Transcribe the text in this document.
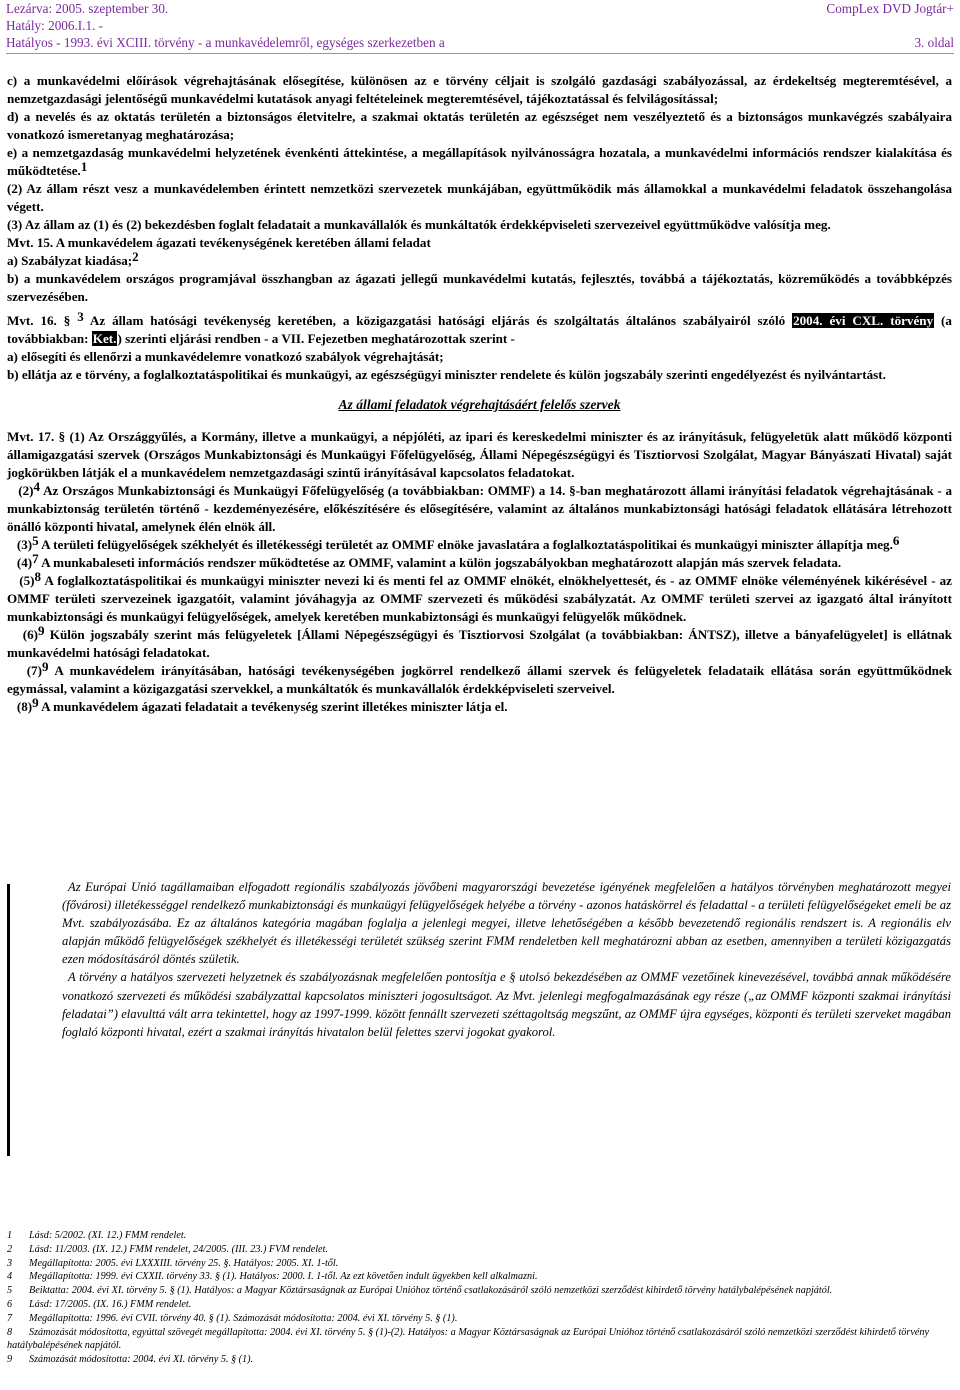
Lezárva: 2005. szeptember 30.	CompLex DVD Jogtár+
Hatály: 2006.I.1. -
Hatályos - 1993. évi XCIII. törvény - a munkavédelemről, egységes szerkezetben a	3. oldal

c) a munkavédelmi előírások végrehajtásának elősegítése, különösen az e törvény céljait is szolgáló gazdasági szabályozással, az érdekeltség megteremtésével, a nemzetgazdasági jelentőségű munkavédelmi kutatások anyagi feltételeinek megteremtésével, tájékoztatással és felvilágosítással;

d) a nevelés és az oktatás területén a biztonságos életvitelre, a szakmai oktatás területén az egészséget nem veszélyeztető és a biztonságos munkavégzés szabályaira vonatkozó ismeretanyag meghatározása;

e) a nemzetgazdaság munkavédelmi helyzetének évenkénti áttekintése, a megállapítások nyilvánosságra hozatala, a munkavédelmi információs rendszer kialakítása és működtetése.$^1$

(2) Az állam részt vesz a munkavédelemben érintett nemzetközi szervezetek munkájában, együttműködik más államokkal a munkavédelmi feladatok összehangolása végett.

(3) Az állam az (1) és (2) bekezdésben foglalt feladatait a munkavállalók és munkáltatók érdekképviseleti szervezeivel együttműködve valósítja meg.

Mvt. 15. A munkavédelem ágazati tevékenységének keretében állami feladat

a) Szabályzat kiadása;$^2$

b) a munkavédelem országos programjával összhangban az ágazati jellegű munkavédelmi kutatás, fejlesztés, továbbá a tájékoztatás, közreműködés a továbbképzés szervezésében.

Mvt. 16. § $^3$ Az állam hatósági tevékenység keretében, a közigazgatási hatósági eljárás és szolgáltatás általános szabályairól szóló 2004. évi CXL. törvény (a továbbiakban: Ket.) szerinti eljárási rendben - a VII. Fejezetben meghatározottak szerint -

a) elősegíti és ellenőrzi a munkavédelemre vonatkozó szabályok végrehajtását;

b) ellátja az e törvény, a foglalkoztatáspolitikai és munkaügyi, az egészségügyi miniszter rendelete és külön jogszabály szerinti engedélyezést és nyilvántartást.

Az állami feladatok végrehajtásáért felelős szervek

Mvt. 17. § (1) Az Országgyűlés, a Kormány, illetve a munkaügyi, a népjóléti, az ipari és kereskedelmi miniszter és az irányításuk, felügyeletük alatt működő központi államigazgatási szervek (Országos Munkabiztonsági és Munkaügyi Főfelügyelőség, Állami Népegészségügyi és Tisztiorvosi Szolgálat, Magyar Bányászati Hivatal) saját jogkörükben látják el a munkavédelem nemzetgazdasági szintű irányításával kapcsolatos feladatokat.

$(2)^4$ Az Országos Munkabiztonsági és Munkaügyi Főfelügyelőség (a továbbiakban: OMMF) a 14. §-ban meghatározott állami irányítási feladatok végrehajtásának - a munkabiztonság területén történő - kezdeményezésére, előkészítésére és elősegítésére, valamint az általános munkabiztonsági hatósági feladatok ellátására létrehozott önálló központi hivatal, amelynek élén elnök áll.

$(3)^5$ A területi felügyelőségek székhelyét és illetékességi területét az OMMF elnöke javaslatára a foglalkoztatáspolitikai és munkaügyi miniszter állapítja meg.$^6$

$(4)^7$ A munkabaleseti információs rendszer működtetése az OMMF, valamint a külön jogszabályokban meghatározott alapján más szervek feladata.

$(5)^8$ A foglalkoztatáspolitikai és munkaügyi miniszter nevezi ki és menti fel az OMMF elnökét, elnökhelyettesét, és - az OMMF elnöke véleményének kikérésével - az OMMF területi szervezeinek igazgatóit, valamint jóváhagyja az OMMF szervezeti és működési szabályzatát. Az OMMF területi szervei az igazgató által irányított munkabiztonsági és munkaügyi felügyelőségek, amelyek keretében munkabiztonsági és munkaügyi felügyelők működnek.

$(6)^9$ Külön jogszabály szerint más felügyeletek [Állami Népegészségügyi és Tisztiorvosi Szolgálat (a továbbiakban: ÁNTSZ), illetve a bányafelügyelet] is ellátnak munkavédelmi hatósági feladatokat.

$(7)^9$ A munkavédelem irányításában, hatósági tevékenységében jogkörrel rendelkező állami szervek és felügyeletek feladataik ellátása során együttműködnek egymással, valamint a közigazgatási szervekkel, a munkáltatók és munkavállalók érdekképviseleti szerveivel.

$(8)^9$ A munkavédelem ágazati feladatait a tevékenység szerint illetékes miniszter látja el.

Az Európai Unió tagállamaiban elfogadott regionális szabályozás jövőbeni magyarországi bevezetése igényének megfelelően a hatályos törvényben meghatározott megyei (fővárosi) illetékességgel rendelkező munkabiztonsági és munkaügyi felügyelőségek helyébe a törvény - azonos hatáskörrel és feladattal - a területi felügyelőségeket emeli be az Mvt. szabályozásába. Ez az általános kategória magában foglalja a jelenlegi megyei, illetve lehetőségében a később bevezetendő regionális rendszert is. A regionális elv alapján működő felügyelőségek székhelyét és illetékességi területét szükség szerint FMM rendeletben kell meghatározni abban az esetben, amennyiben a területi közigazgatás ezen módosításáról döntés születik.

A törvény a hatályos szervezeti helyzetnek és szabályozásnak megfelelően pontosítja e § utolsó bekezdésében az OMMF vezetőinek kinevezésével, továbbá annak működésére vonatkozó szervezeti és működési szabályzattal kapcsolatos miniszteri jogosultságot. Az Mvt. jelenlegi megfogalmazásának egy része („az OMMF központi szakmai irányítási feladatai”) elavulttá vált arra tekintettel, hogy az 1997-1999. között fennállt szervezeti széttagoltság megszűnt, az OMMF újra egységes, központi és területi szerveket magában foglaló központi hivatal, ezért a szakmai irányítás hivatalon belül felettes szervi jogokat gyakorol.

1 Lásd: 5/2002. (XI. 12.) FMM rendelet.

2 Lásd: 11/2003. (IX. 12.) FMM rendelet, 24/2005. (III. 23.) FVM rendelet.

3 Megállapította: 2005. évi LXXXIII. törvény 25. §. Hatályos: 2005. XI. 1-től.

4 Megállapította: 1999. évi CXXII. törvény 33. § (1). Hatályos: 2000. I. 1-től. Az ezt követően indult ügyekben kell alkalmazni.

5 Beiktatta: 2004. évi XI. törvény 5. § (1). Hatályos: a Magyar Köztársaságnak az Európai Unióhoz történő csatlakozásáról szóló nemzetközi szerződést kihirdető törvény hatálybalépésének napjától.

6 Lásd: 17/2005. (IX. 16.) FMM rendelet.

7 Megállapította: 1996. évi CVII. törvény 40. § (1). Számozását módosította: 2004. évi XI. törvény 5. § (1).

8 Számozását módosította, egyúttal szövegét megállapította: 2004. évi XI. törvény 5. § (1)-(2). Hatályos: a Magyar Köztársaságnak az Európai Unióhoz történő csatlakozásáról szóló nemzetközi szerződést kihirdető törvény hatálybalépésének napjától.

9 Számozását módosította: 2004. évi XI. törvény 5. § (1).
